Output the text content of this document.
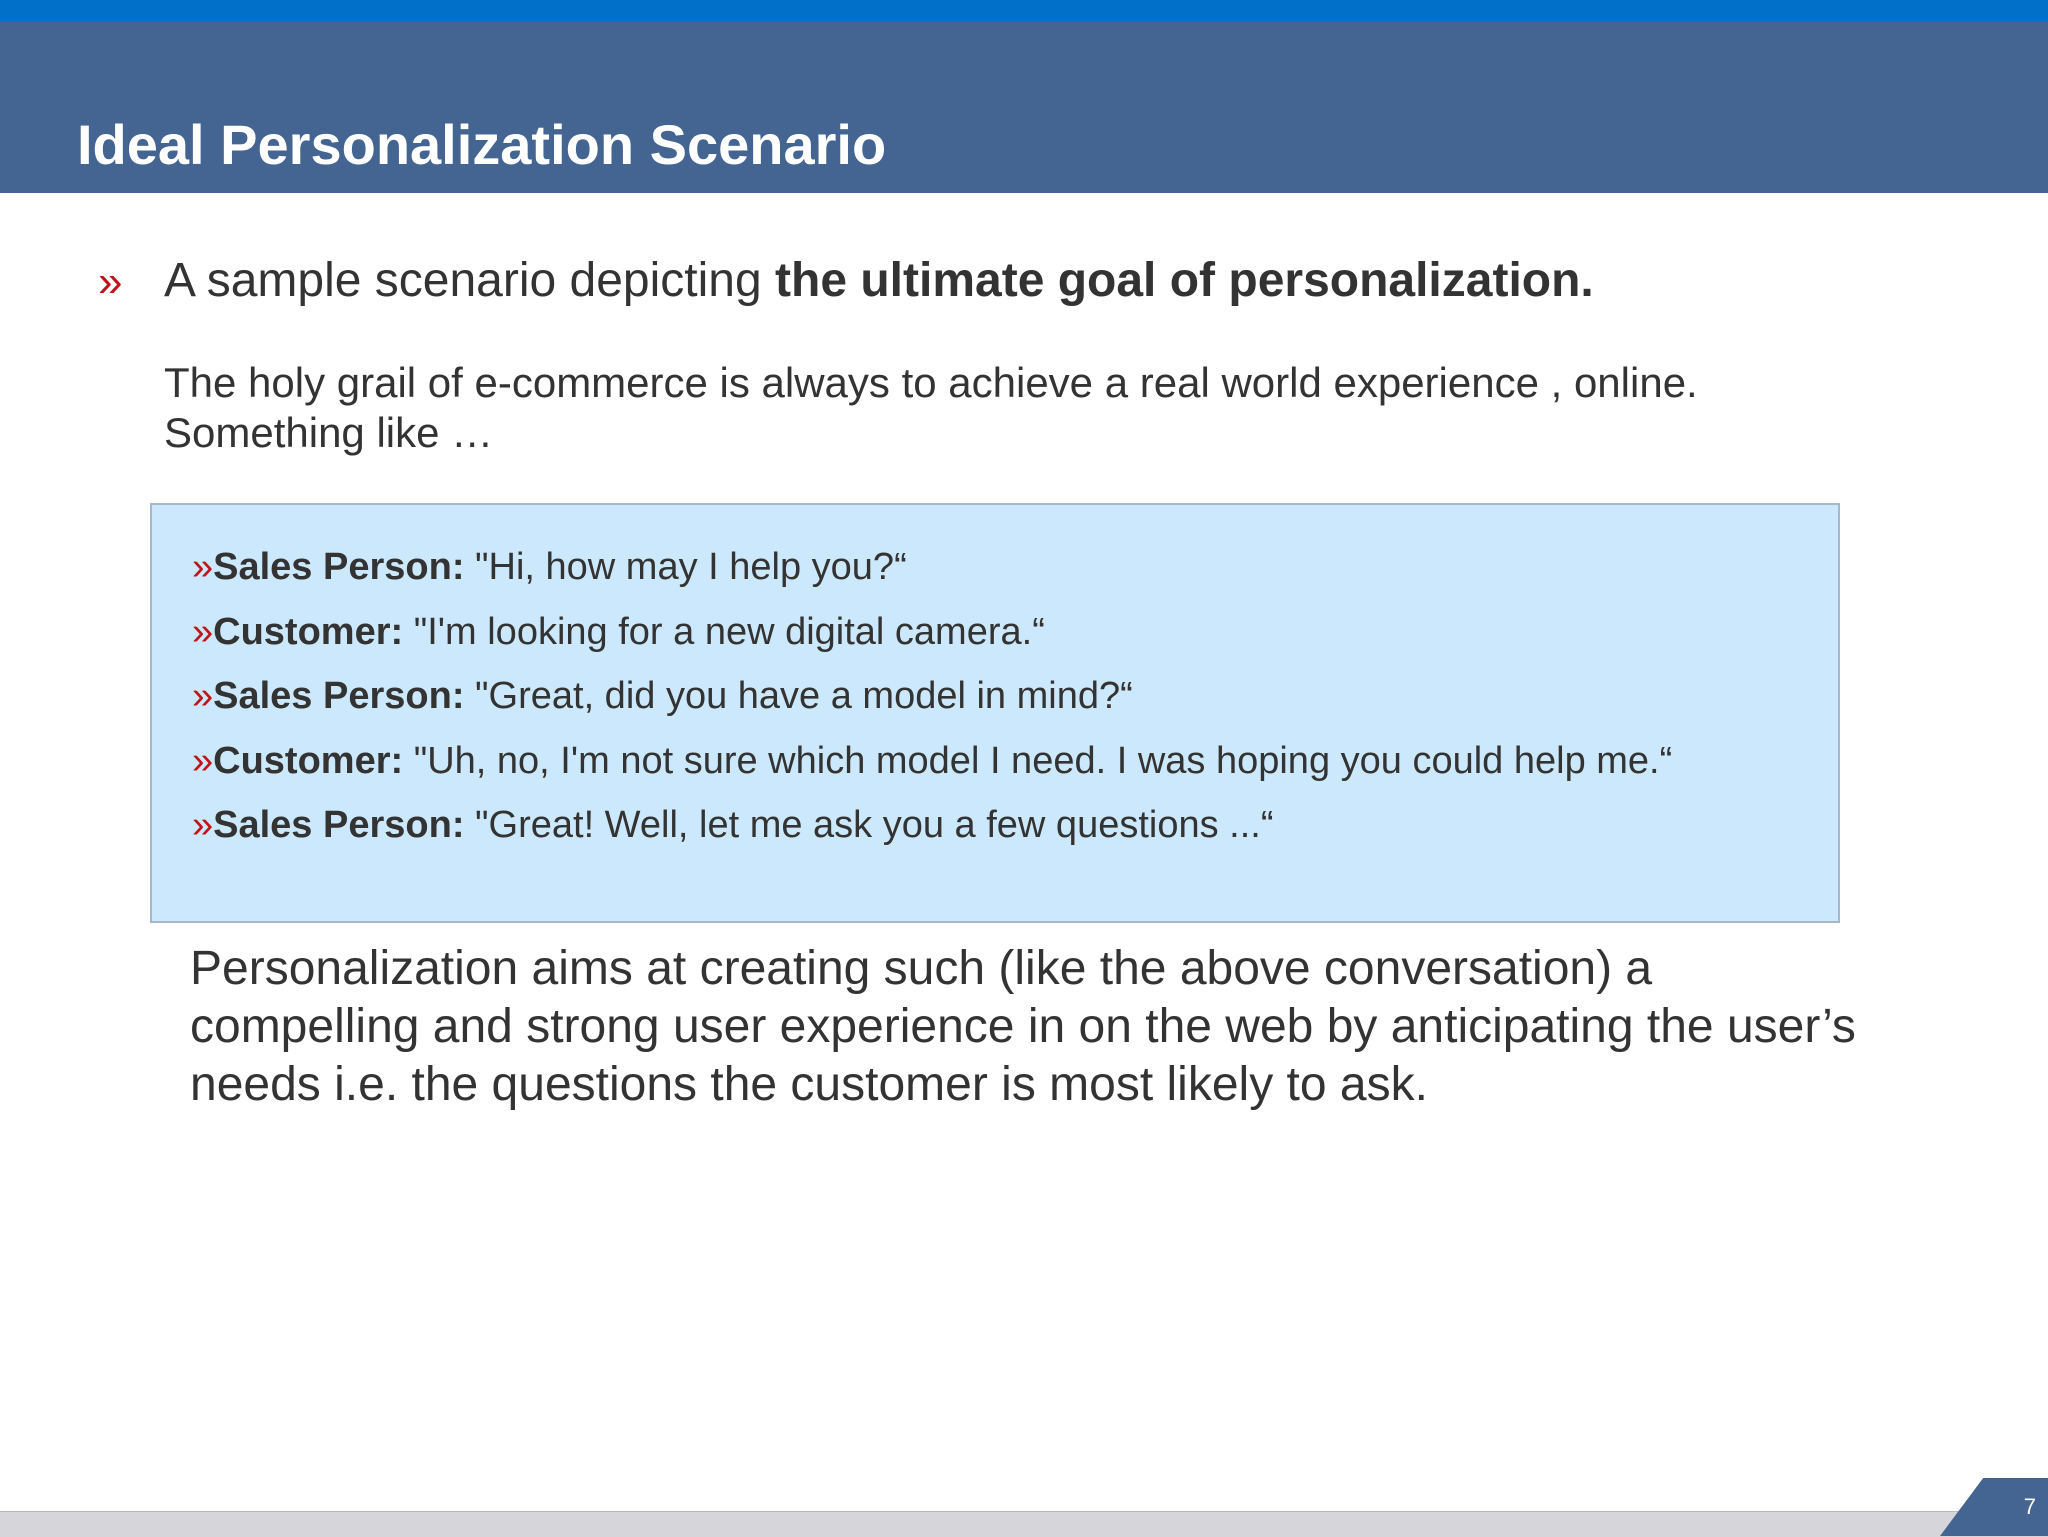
Ideal Personalization Scenario
» A sample scenario depicting the ultimate goal of personalization.

The holy grail of e-commerce is always to achieve a real world experience , online.
Something like …

»Sales Person: "Hi, how may I help you?“
»Customer: "I'm looking for a new digital camera.“
»Sales Person: "Great, did you have a model in mind?“
»Customer: "Uh, no, I'm not sure which model I need. I was hoping you could help me.“
»Sales Person: "Great! Well, let me ask you a few questions ...“

Personalization aims at creating such (like the above conversation) a
compelling and strong user experience in on the web by anticipating the user’s
needs i.e. the questions the customer is most likely to ask.

7
